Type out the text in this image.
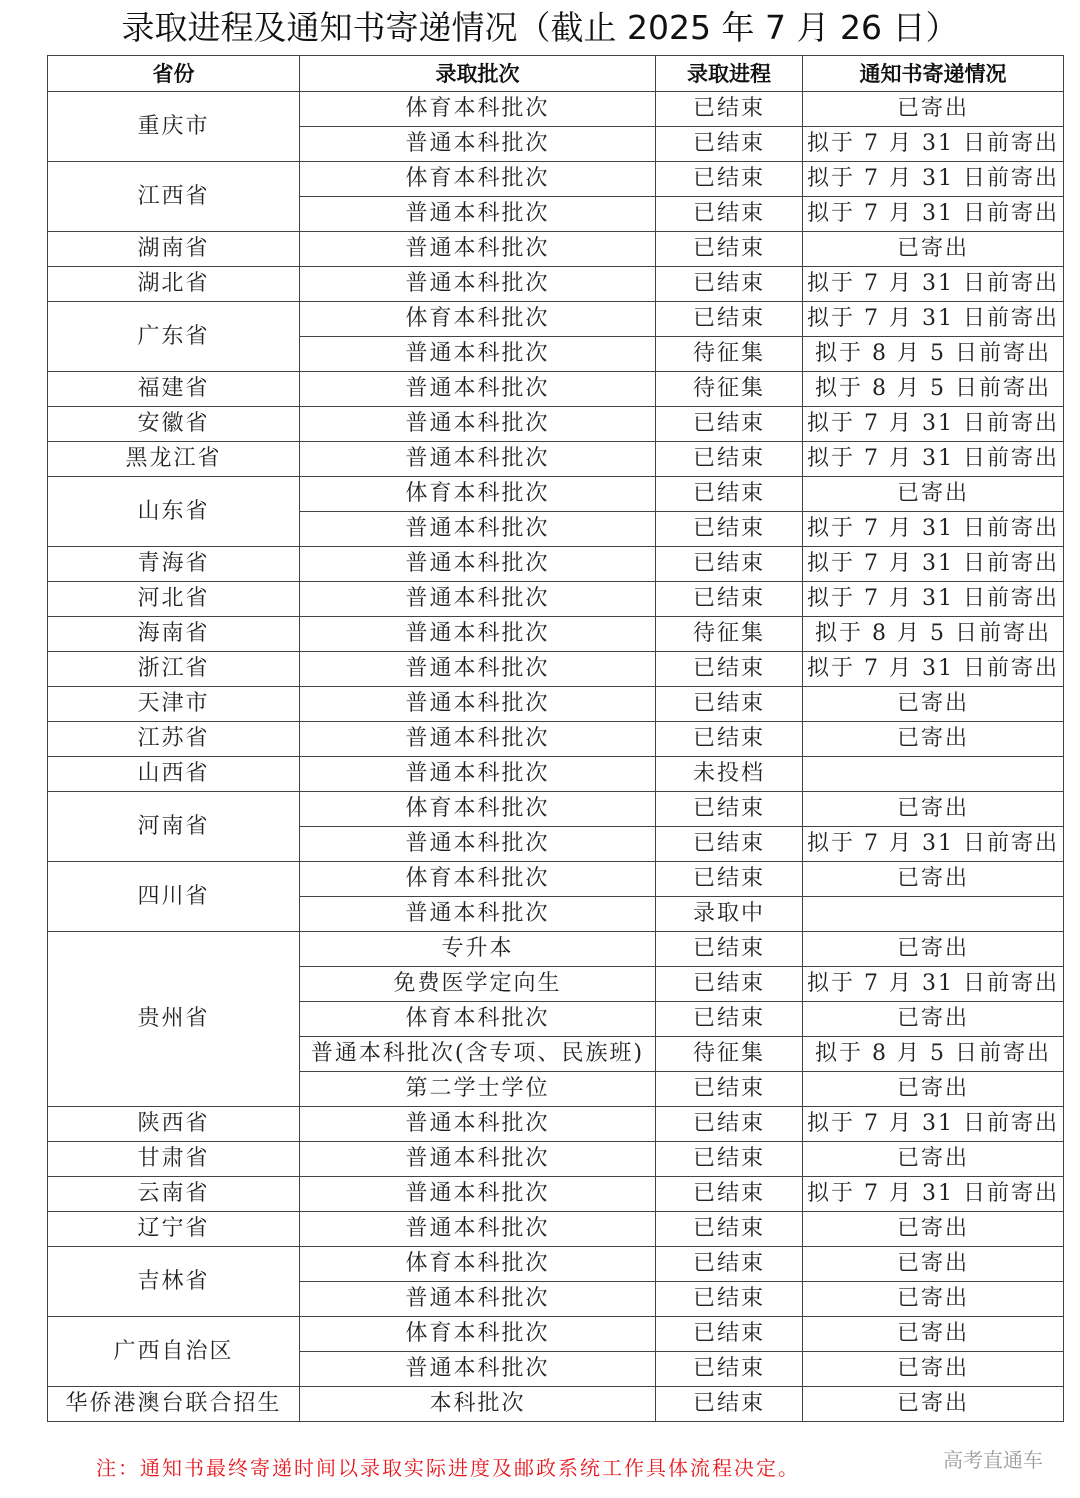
录取进程及通知书寄递情况（截止 2025 年 7 月 26 日）
省份	录取批次	录取进程	通知书寄递情况
重庆市	体育本科批次	已结束	已寄出
	普通本科批次	已结束	拟于 7 月 31 日前寄出
江西省	体育本科批次	已结束	拟于 7 月 31 日前寄出
	普通本科批次	已结束	拟于 7 月 31 日前寄出
湖南省	普通本科批次	已结束	已寄出
湖北省	普通本科批次	已结束	拟于 7 月 31 日前寄出
广东省	体育本科批次	已结束	拟于 7 月 31 日前寄出
	普通本科批次	待征集	拟于 8 月 5 日前寄出
福建省	普通本科批次	待征集	拟于 8 月 5 日前寄出
安徽省	普通本科批次	已结束	拟于 7 月 31 日前寄出
黑龙江省	普通本科批次	已结束	拟于 7 月 31 日前寄出
山东省	体育本科批次	已结束	已寄出
	普通本科批次	已结束	拟于 7 月 31 日前寄出
青海省	普通本科批次	已结束	拟于 7 月 31 日前寄出
河北省	普通本科批次	已结束	拟于 7 月 31 日前寄出
海南省	普通本科批次	待征集	拟于 8 月 5 日前寄出
浙江省	普通本科批次	已结束	拟于 7 月 31 日前寄出
天津市	普通本科批次	已结束	已寄出
江苏省	普通本科批次	已结束	已寄出
山西省	普通本科批次	未投档	
河南省	体育本科批次	已结束	已寄出
	普通本科批次	已结束	拟于 7 月 31 日前寄出
四川省	体育本科批次	已结束	已寄出
	普通本科批次	录取中	
贵州省	专升本	已结束	已寄出
	免费医学定向生	已结束	拟于 7 月 31 日前寄出
	体育本科批次	已结束	已寄出
	普通本科批次(含专项、民族班)	待征集	拟于 8 月 5 日前寄出
	第二学士学位	已结束	已寄出
陕西省	普通本科批次	已结束	拟于 7 月 31 日前寄出
甘肃省	普通本科批次	已结束	已寄出
云南省	普通本科批次	已结束	拟于 7 月 31 日前寄出
辽宁省	普通本科批次	已结束	已寄出
吉林省	体育本科批次	已结束	已寄出
	普通本科批次	已结束	已寄出
广西自治区	体育本科批次	已结束	已寄出
	普通本科批次	已结束	已寄出
华侨港澳台联合招生	本科批次	已结束	已寄出
注：通知书最终寄递时间以录取实际进度及邮政系统工作具体流程决定。	高考直通车
